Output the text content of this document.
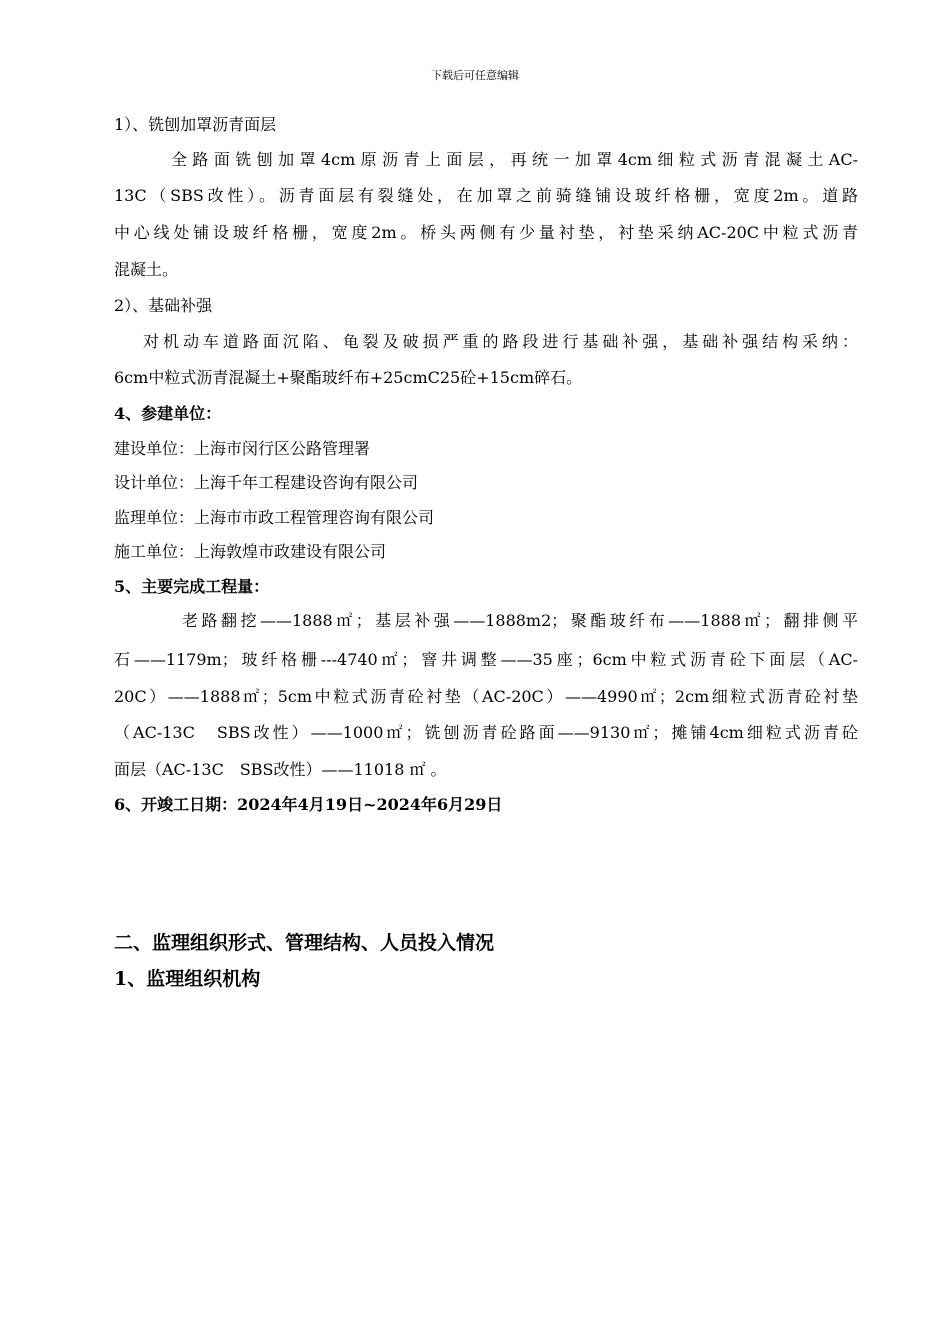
下载后可任意编辑
1）、铣刨加罩沥青面层
全路面铣刨加罩4cm原沥青上面层，再统一加罩4cm细粒式沥青混凝土AC-
13C（SBS改性）。沥青面层有裂缝处，在加罩之前骑缝铺设玻纤格栅，宽度2m。道路
中心线处铺设玻纤格栅，宽度2m。桥头两侧有少量衬垫，衬垫采纳AC-20C中粒式沥青
混凝土。
2）、基础补强
对机动车道路面沉陷、龟裂及破损严重的路段进行基础补强，基础补强结构采纳：
6cm中粒式沥青混凝土+聚酯玻纤布+25cmC25砼+15cm碎石。
4、参建单位：
建设单位：上海市闵行区公路管理署
设计单位：上海千年工程建设咨询有限公司
监理单位：上海市市政工程管理咨询有限公司
施工单位：上海敦煌市政建设有限公司
5、主要完成工程量：
老路翻挖——1888㎡；基层补强——1888m2；聚酯玻纤布——1888㎡；翻排侧平
石——1179m；玻纤格栅---4740㎡；窨井调整——35座；6cm中粒式沥青砼下面层（AC-
20C）——1888㎡；5cm中粒式沥青砼衬垫（AC-20C）——4990㎡；2cm细粒式沥青砼衬垫
（AC-13C　SBS改性）——1000㎡；铣刨沥青砼路面——9130㎡；摊铺4cm细粒式沥青砼
面层（AC-13C　SBS改性）——11018 ㎡ 。
6、开竣工日期：2024年4月19日~2024年6月29日
二、监理组织形式、管理结构、人员投入情况
1、监理组织机构
